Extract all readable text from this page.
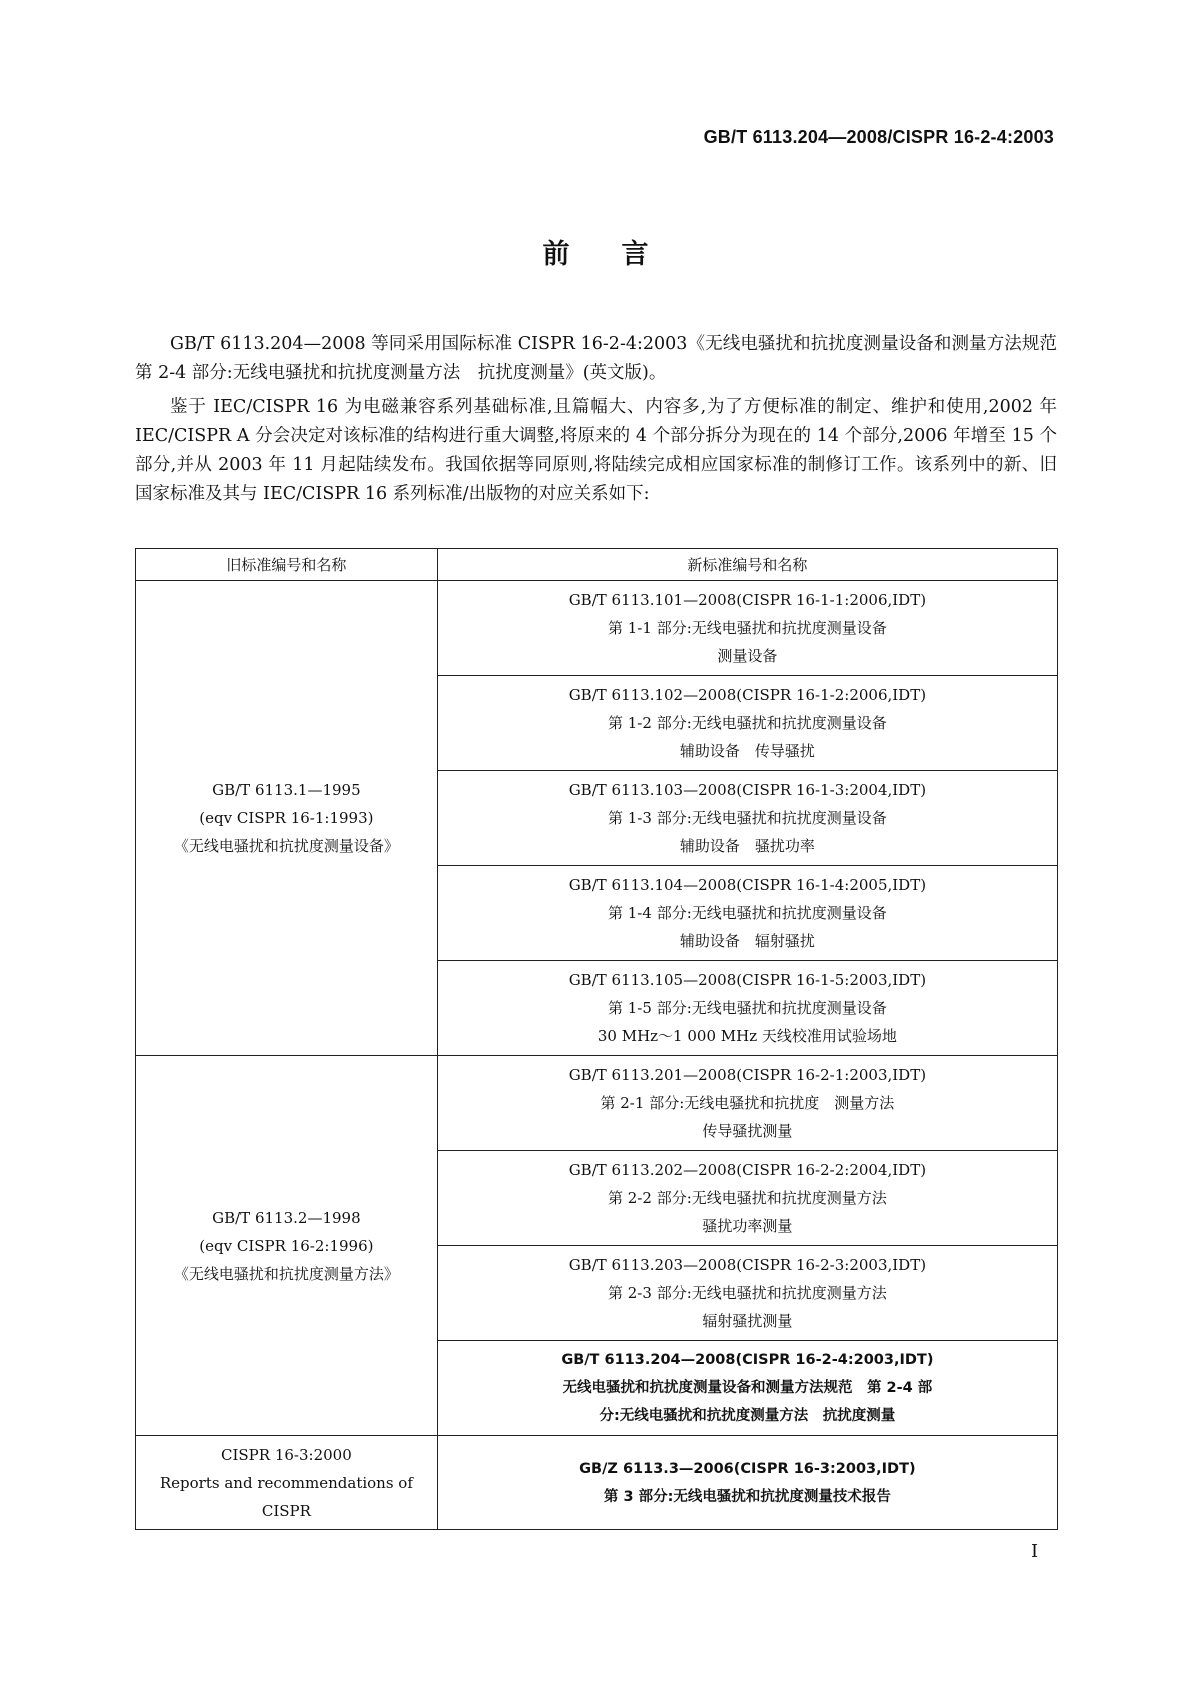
GB/T 6113.204—2008/CISPR 16-2-4:2003
前言

GB/T 6113.204—2008 等同采用国际标准 CISPR 16-2-4:2003《无线电骚扰和抗扰度测量设备和测量方法规范　第 2-4 部分:无线电骚扰和抗扰度测量方法　抗扰度测量》(英文版)。

鉴于 IEC/CISPR 16 为电磁兼容系列基础标准,且篇幅大、内容多,为了方便标准的制定、维护和使用,2002 年 IEC/CISPR A 分会决定对该标准的结构进行重大调整,将原来的 4 个部分拆分为现在的 14 个部分,2006 年增至 15 个部分,并从 2003 年 11 月起陆续发布。我国依据等同原则,将陆续完成相应国家标准的制修订工作。该系列中的新、旧国家标准及其与 IEC/CISPR 16 系列标准/出版物的对应关系如下:

旧标准编号和名称	新标准编号和名称

GB/T 6113.1—1995
(eqv CISPR 16-1:1993)
《无线电骚扰和抗扰度测量设备》	GB/T 6113.101—2008(CISPR 16-1-1:2006,IDT)
第 1-1 部分:无线电骚扰和抗扰度测量设备
测量设备

	GB/T 6113.102—2008(CISPR 16-1-2:2006,IDT)
第 1-2 部分:无线电骚扰和抗扰度测量设备
辅助设备　传导骚扰

	GB/T 6113.103—2008(CISPR 16-1-3:2004,IDT)
第 1-3 部分:无线电骚扰和抗扰度测量设备
辅助设备　骚扰功率

	GB/T 6113.104—2008(CISPR 16-1-4:2005,IDT)
第 1-4 部分:无线电骚扰和抗扰度测量设备
辅助设备　辐射骚扰

	GB/T 6113.105—2008(CISPR 16-1-5:2003,IDT)
第 1-5 部分:无线电骚扰和抗扰度测量设备
30 MHz～1 000 MHz 天线校准用试验场地

GB/T 6113.2—1998
(eqv CISPR 16-2:1996)
《无线电骚扰和抗扰度测量方法》	GB/T 6113.201—2008(CISPR 16-2-1:2003,IDT)
第 2-1 部分:无线电骚扰和抗扰度　测量方法
传导骚扰测量

	GB/T 6113.202—2008(CISPR 16-2-2:2004,IDT)
第 2-2 部分:无线电骚扰和抗扰度测量方法
骚扰功率测量

	GB/T 6113.203—2008(CISPR 16-2-3:2003,IDT)
第 2-3 部分:无线电骚扰和抗扰度测量方法
辐射骚扰测量

	GB/T 6113.204—2008(CISPR 16-2-4:2003,IDT)
无线电骚扰和抗扰度测量设备和测量方法规范　第 2-4 部
分:无线电骚扰和抗扰度测量方法　抗扰度测量

CISPR 16-3:2000
Reports and recommendations of
CISPR	GB/Z 6113.3—2006(CISPR 16-3:2003,IDT)
第 3 部分:无线电骚扰和抗扰度测量技术报告
I
